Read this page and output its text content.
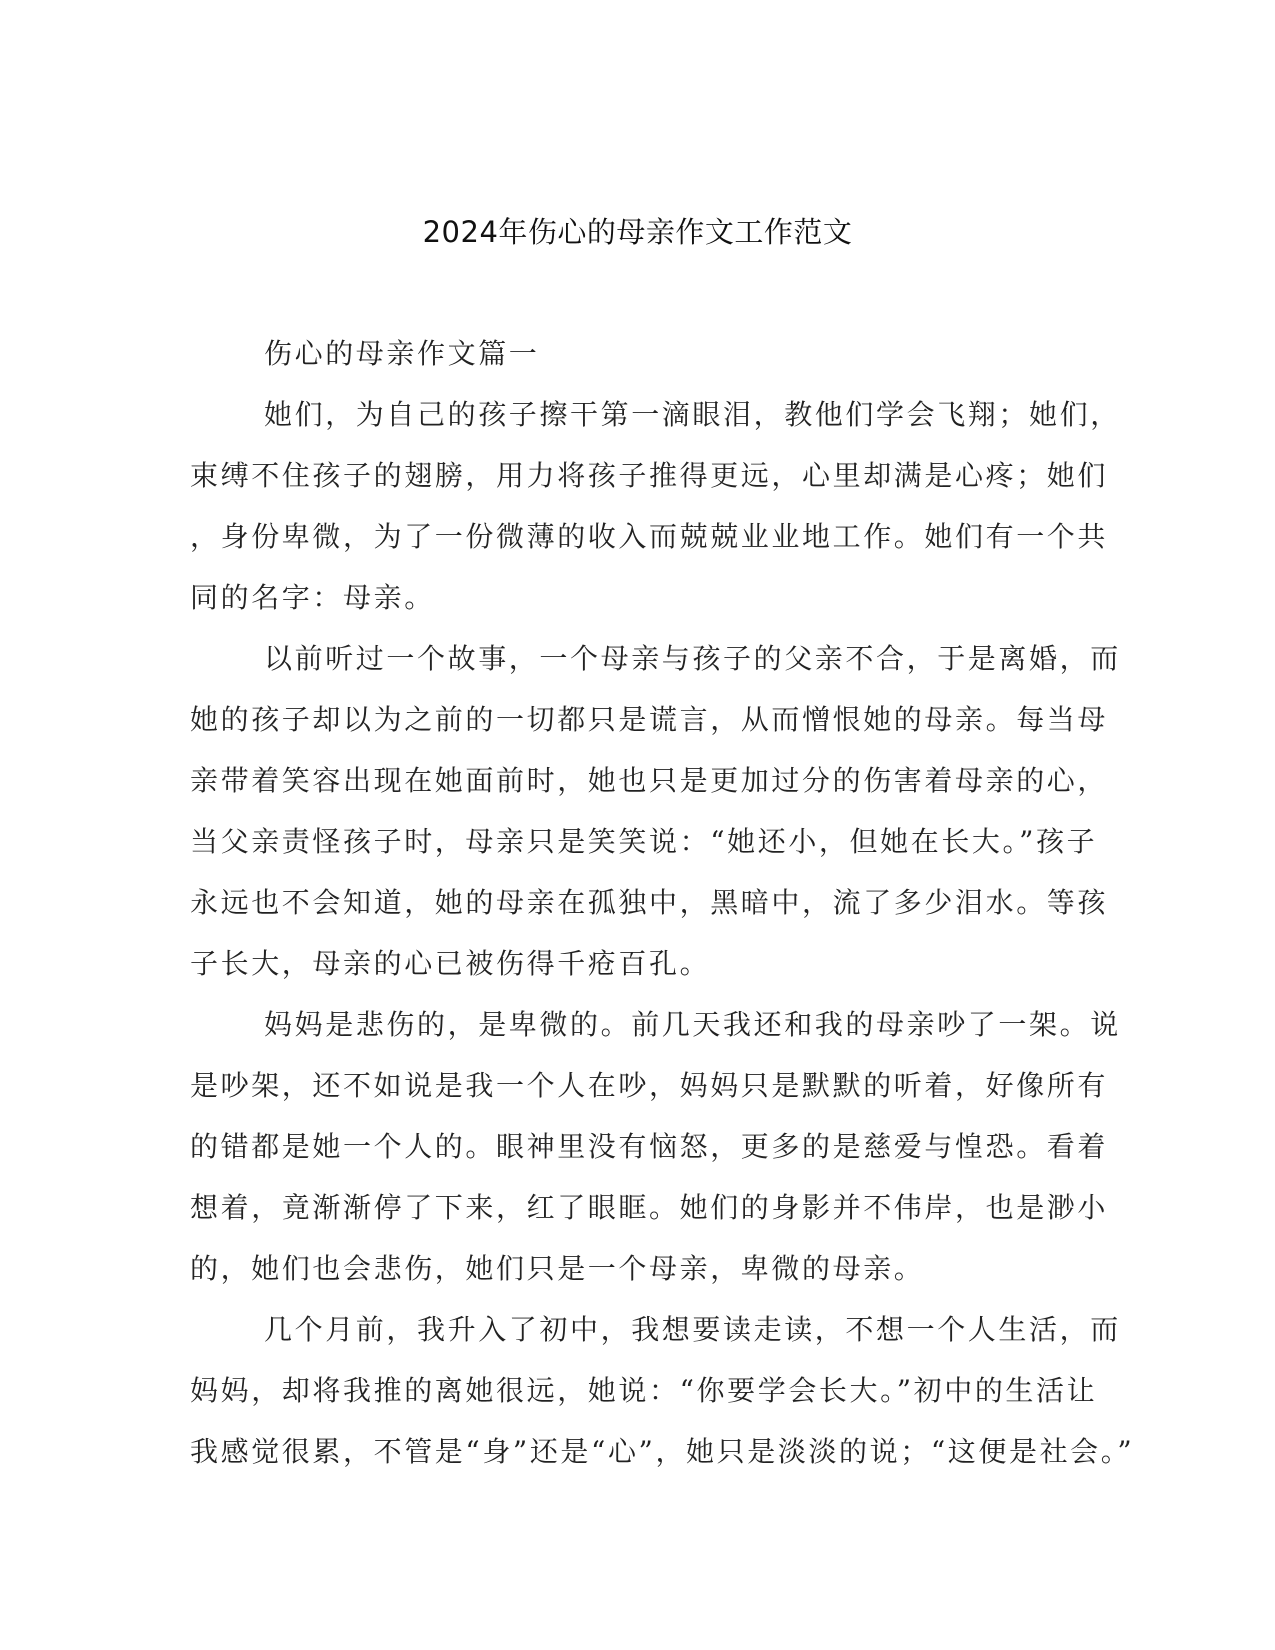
2024年伤心的母亲作文工作范文
伤心的母亲作文篇一
她们，为自己的孩子擦干第一滴眼泪，教他们学会飞翔；她们，
束缚不住孩子的翅膀，用力将孩子推得更远，心里却满是心疼；她们
，身份卑微，为了一份微薄的收入而兢兢业业地工作。她们有一个共
同的名字：母亲。
以前听过一个故事，一个母亲与孩子的父亲不合，于是离婚，而
她的孩子却以为之前的一切都只是谎言，从而憎恨她的母亲。每当母
亲带着笑容出现在她面前时，她也只是更加过分的伤害着母亲的心，
当父亲责怪孩子时，母亲只是笑笑说：“她还小，但她在长大。”孩子
永远也不会知道，她的母亲在孤独中，黑暗中，流了多少泪水。等孩
子长大，母亲的心已被伤得千疮百孔。
妈妈是悲伤的，是卑微的。前几天我还和我的母亲吵了一架。说
是吵架，还不如说是我一个人在吵，妈妈只是默默的听着，好像所有
的错都是她一个人的。眼神里没有恼怒，更多的是慈爱与惶恐。看着
想着，竟渐渐停了下来，红了眼眶。她们的身影并不伟岸，也是渺小
的，她们也会悲伤，她们只是一个母亲，卑微的母亲。
几个月前，我升入了初中，我想要读走读，不想一个人生活，而
妈妈，却将我推的离她很远，她说：“你要学会长大。”初中的生活让
我感觉很累，不管是“身”还是“心”，她只是淡淡的说；“这便是社会。”
